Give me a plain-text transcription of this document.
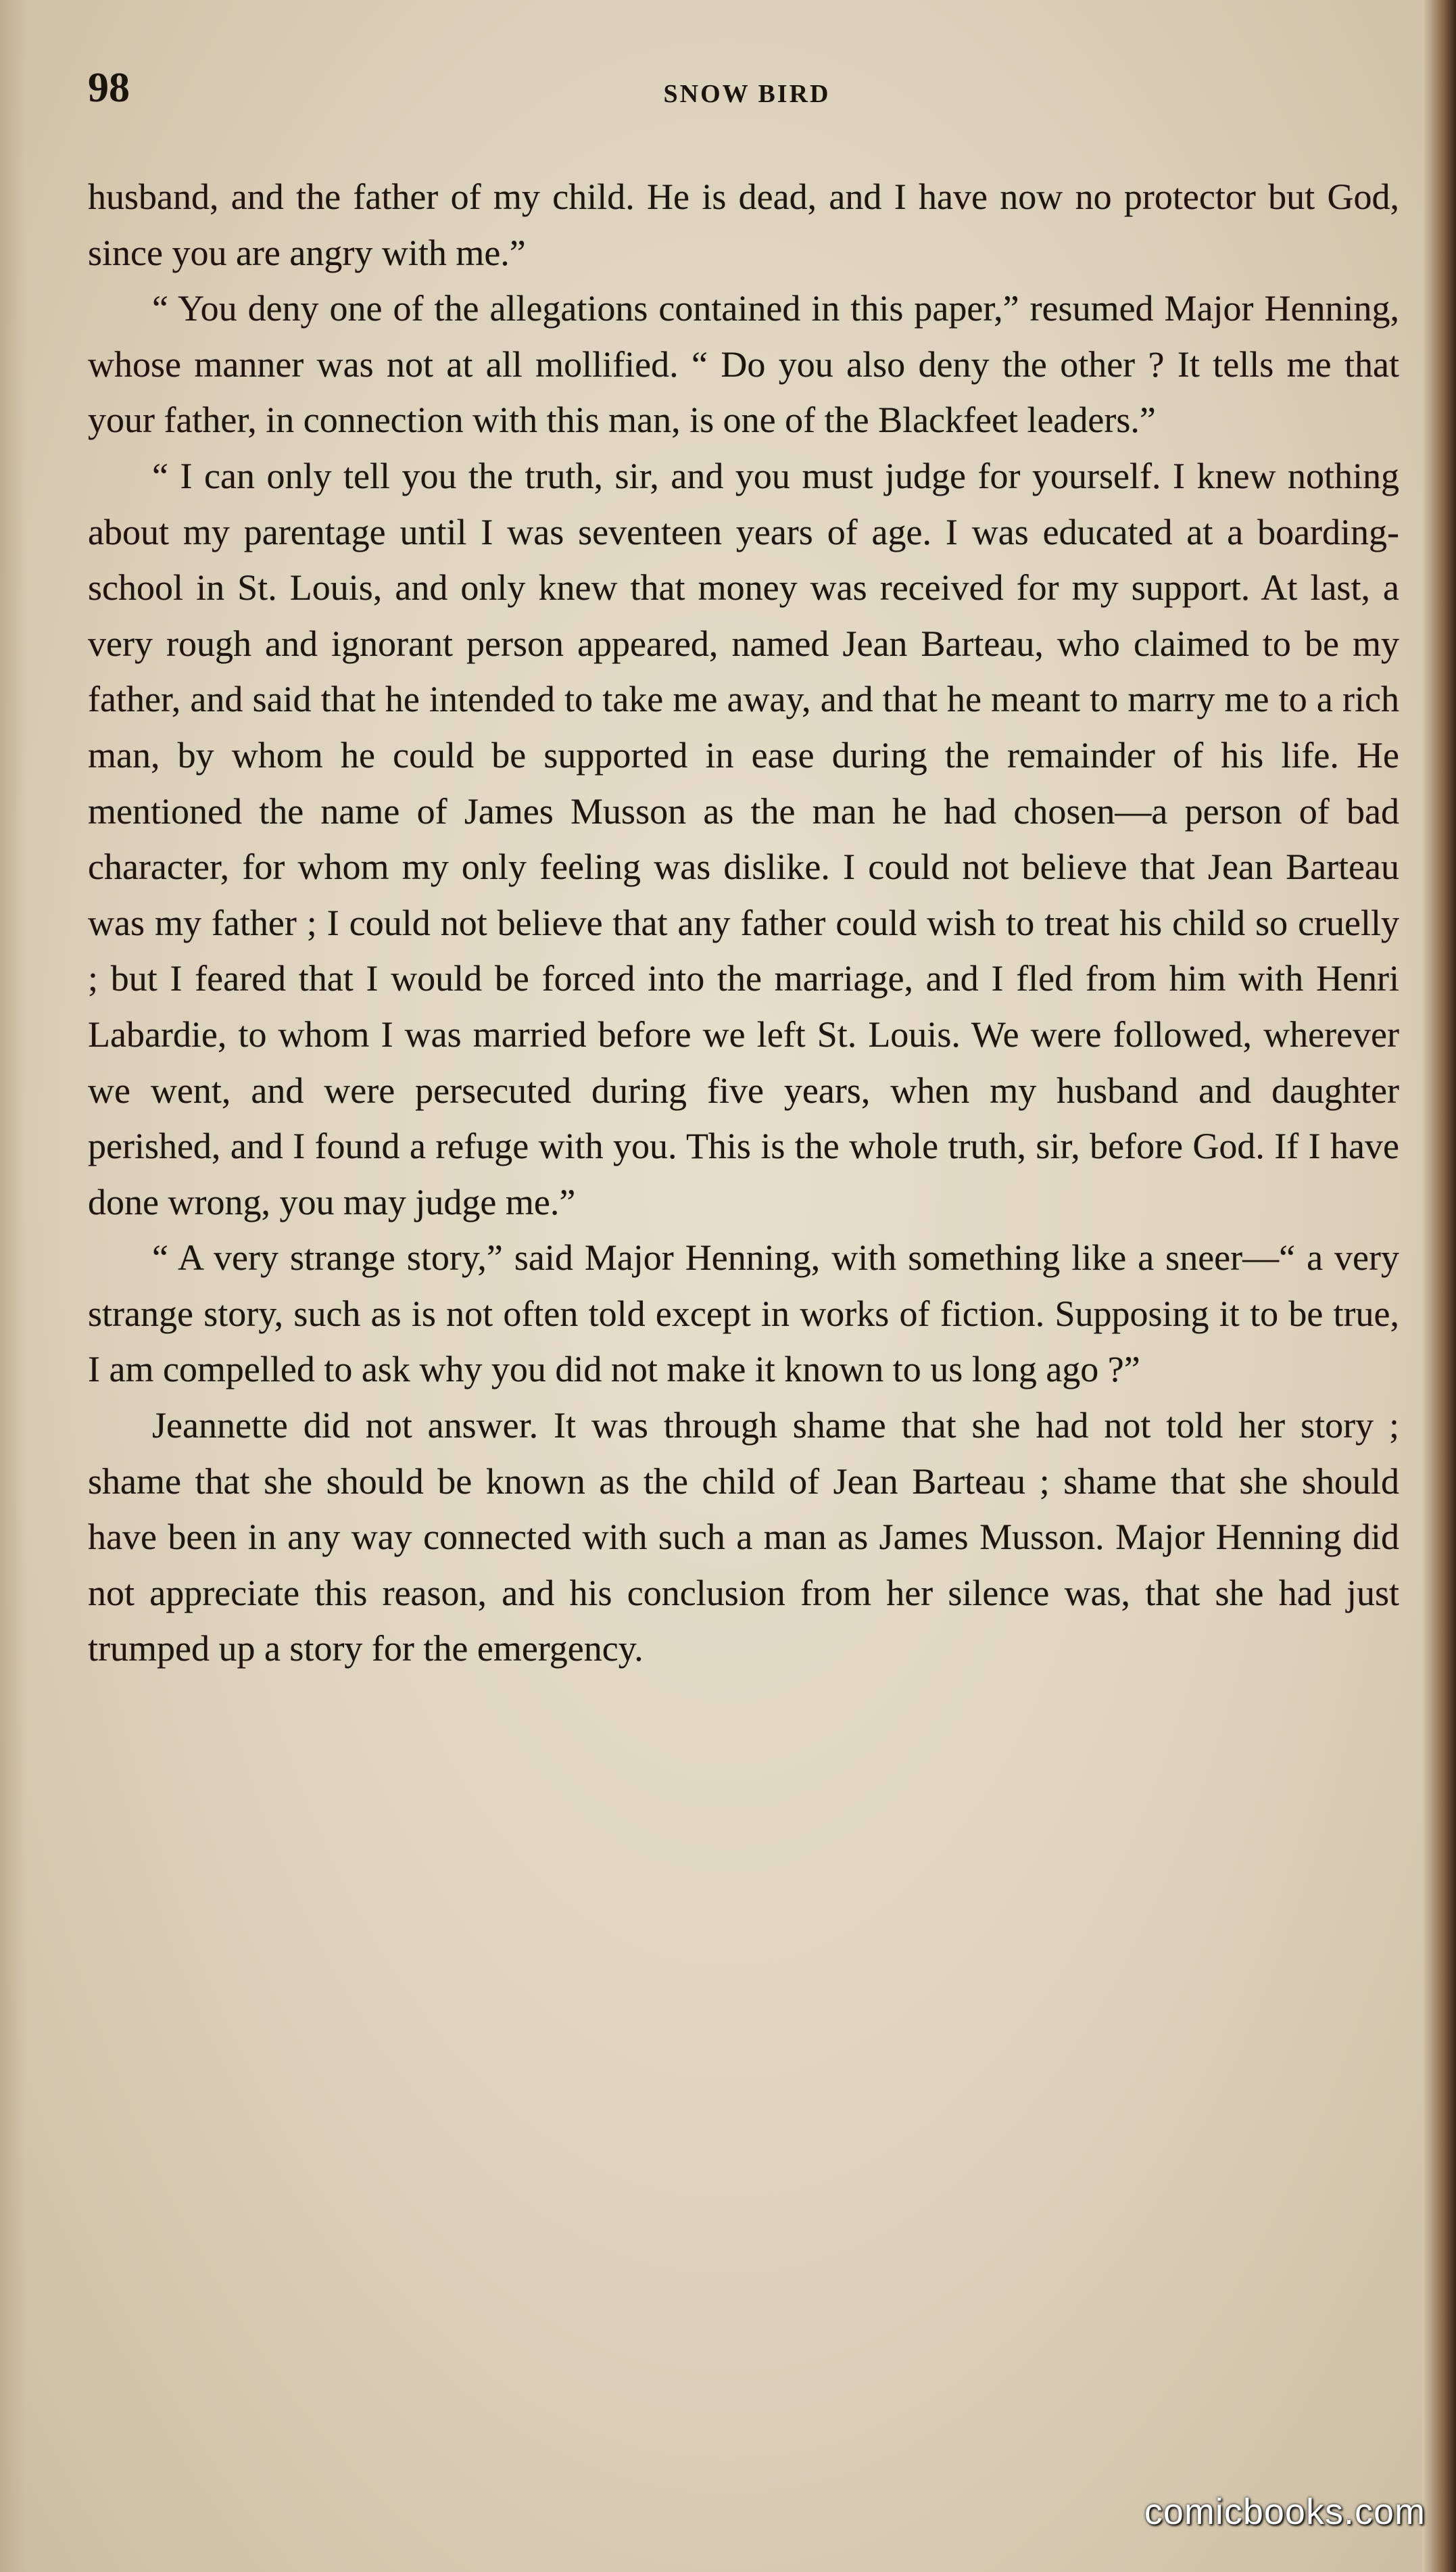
98	SNOW BIRD

husband, and the father of my child. He is dead, and I have now no protector but God, since you are angry with me.”

“ You deny one of the allegations contained in this paper,” resumed Major Henning, whose manner was not at all mollified. “ Do you also deny the other ? It tells me that your father, in connection with this man, is one of the Blackfeet leaders.”

“ I can only tell you the truth, sir, and you must judge for yourself. I knew nothing about my parentage until I was seventeen years of age. I was educated at a boarding-school in St. Louis, and only knew that money was received for my support. At last, a very rough and ignorant person appeared, named Jean Barteau, who claimed to be my father, and said that he intended to take me away, and that he meant to marry me to a rich man, by whom he could be supported in ease during the remainder of his life. He mentioned the name of James Musson as the man he had chosen—a person of bad character, for whom my only feeling was dislike. I could not believe that Jean Barteau was my father ; I could not believe that any father could wish to treat his child so cruelly ; but I feared that I would be forced into the marriage, and I fled from him with Henri Labardie, to whom I was married before we left St. Louis. We were followed, wherever we went, and were persecuted during five years, when my husband and daughter perished, and I found a refuge with you. This is the whole truth, sir, before God. If I have done wrong, you may judge me.”

“ A very strange story,” said Major Henning, with something like a sneer—“ a very strange story, such as is not often told except in works of fiction. Supposing it to be true, I am compelled to ask why you did not make it known to us long ago ?”

Jeannette did not answer. It was through shame that she had not told her story ; shame that she should be known as the child of Jean Barteau ; shame that she should have been in any way connected with such a man as James Musson. Major Henning did not appreciate this reason, and his conclusion from her silence was, that she had just trumped up a story for the emergency.

comicbooks.com
